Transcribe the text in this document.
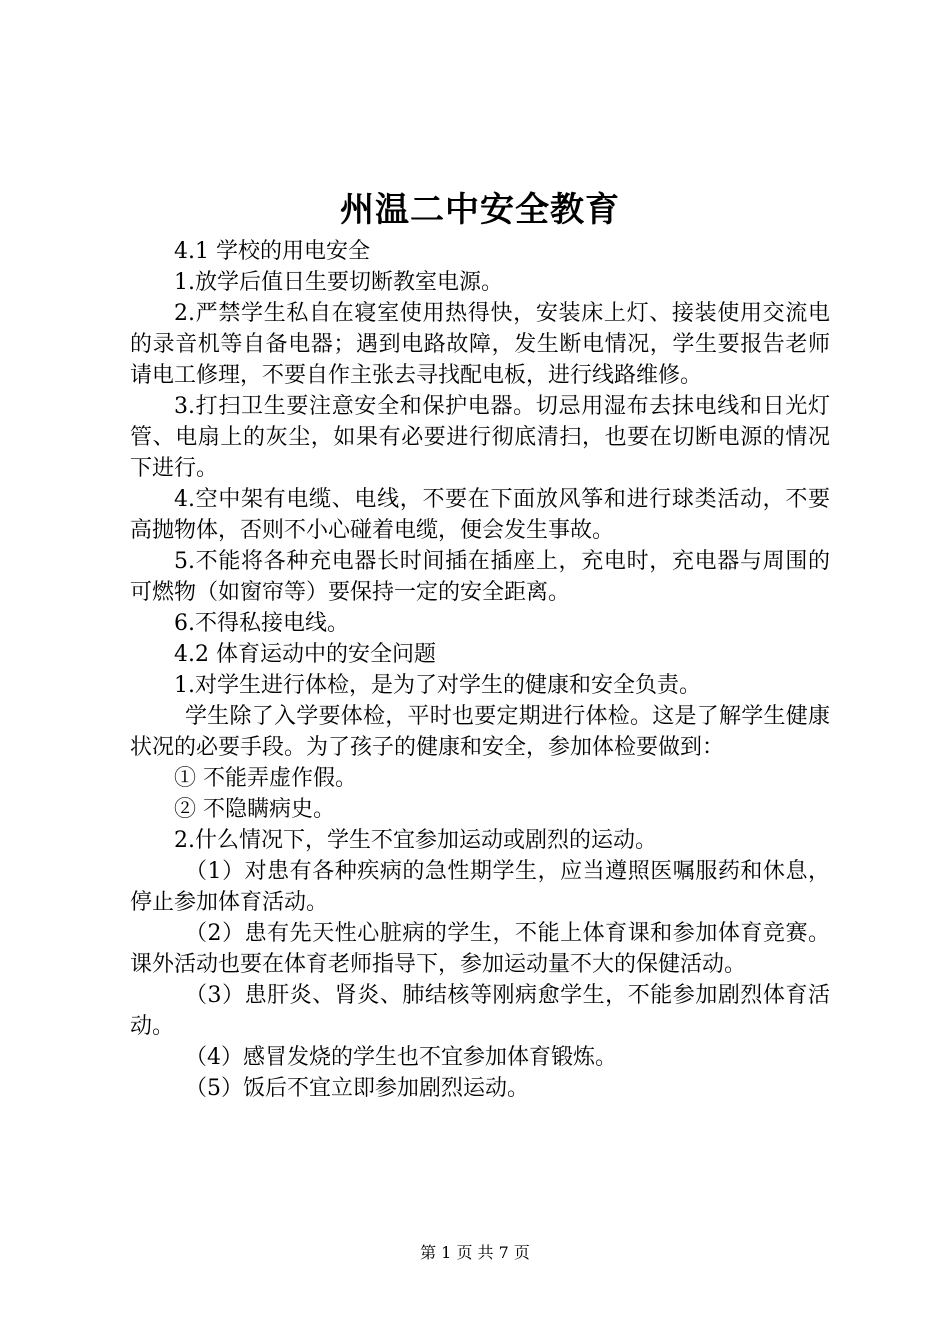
州温二中安全教育

4.1 学校的用电安全

1.放学后值日生要切断教室电源。

2.严禁学生私自在寝室使用热得快，安装床上灯、接装使用交流电的录音机等自备电器；遇到电路故障，发生断电情况，学生要报告老师请电工修理，不要自作主张去寻找配电板，进行线路维修。

3.打扫卫生要注意安全和保护电器。切忌用湿布去抹电线和日光灯管、电扇上的灰尘，如果有必要进行彻底清扫，也要在切断电源的情况下进行。

4.空中架有电缆、电线，不要在下面放风筝和进行球类活动，不要高抛物体，否则不小心碰着电缆，便会发生事故。

5.不能将各种充电器长时间插在插座上，充电时，充电器与周围的可燃物（如窗帘等）要保持一定的安全距离。

6.不得私接电线。

4.2 体育运动中的安全问题

1.对学生进行体检，是为了对学生的健康和安全负责。

学生除了入学要体检，平时也要定期进行体检。这是了解学生健康状况的必要手段。为了孩子的健康和安全，参加体检要做到：

① 不能弄虚作假。

② 不隐瞒病史。

2.什么情况下，学生不宜参加运动或剧烈的运动。

（1）对患有各种疾病的急性期学生，应当遵照医嘱服药和休息，停止参加体育活动。

（2）患有先天性心脏病的学生，不能上体育课和参加体育竞赛。课外活动也要在体育老师指导下，参加运动量不大的保健活动。

（3）患肝炎、肾炎、肺结核等刚病愈学生，不能参加剧烈体育活动。

（4）感冒发烧的学生也不宜参加体育锻炼。

（5）饭后不宜立即参加剧烈运动。

第 1 页 共 7 页
